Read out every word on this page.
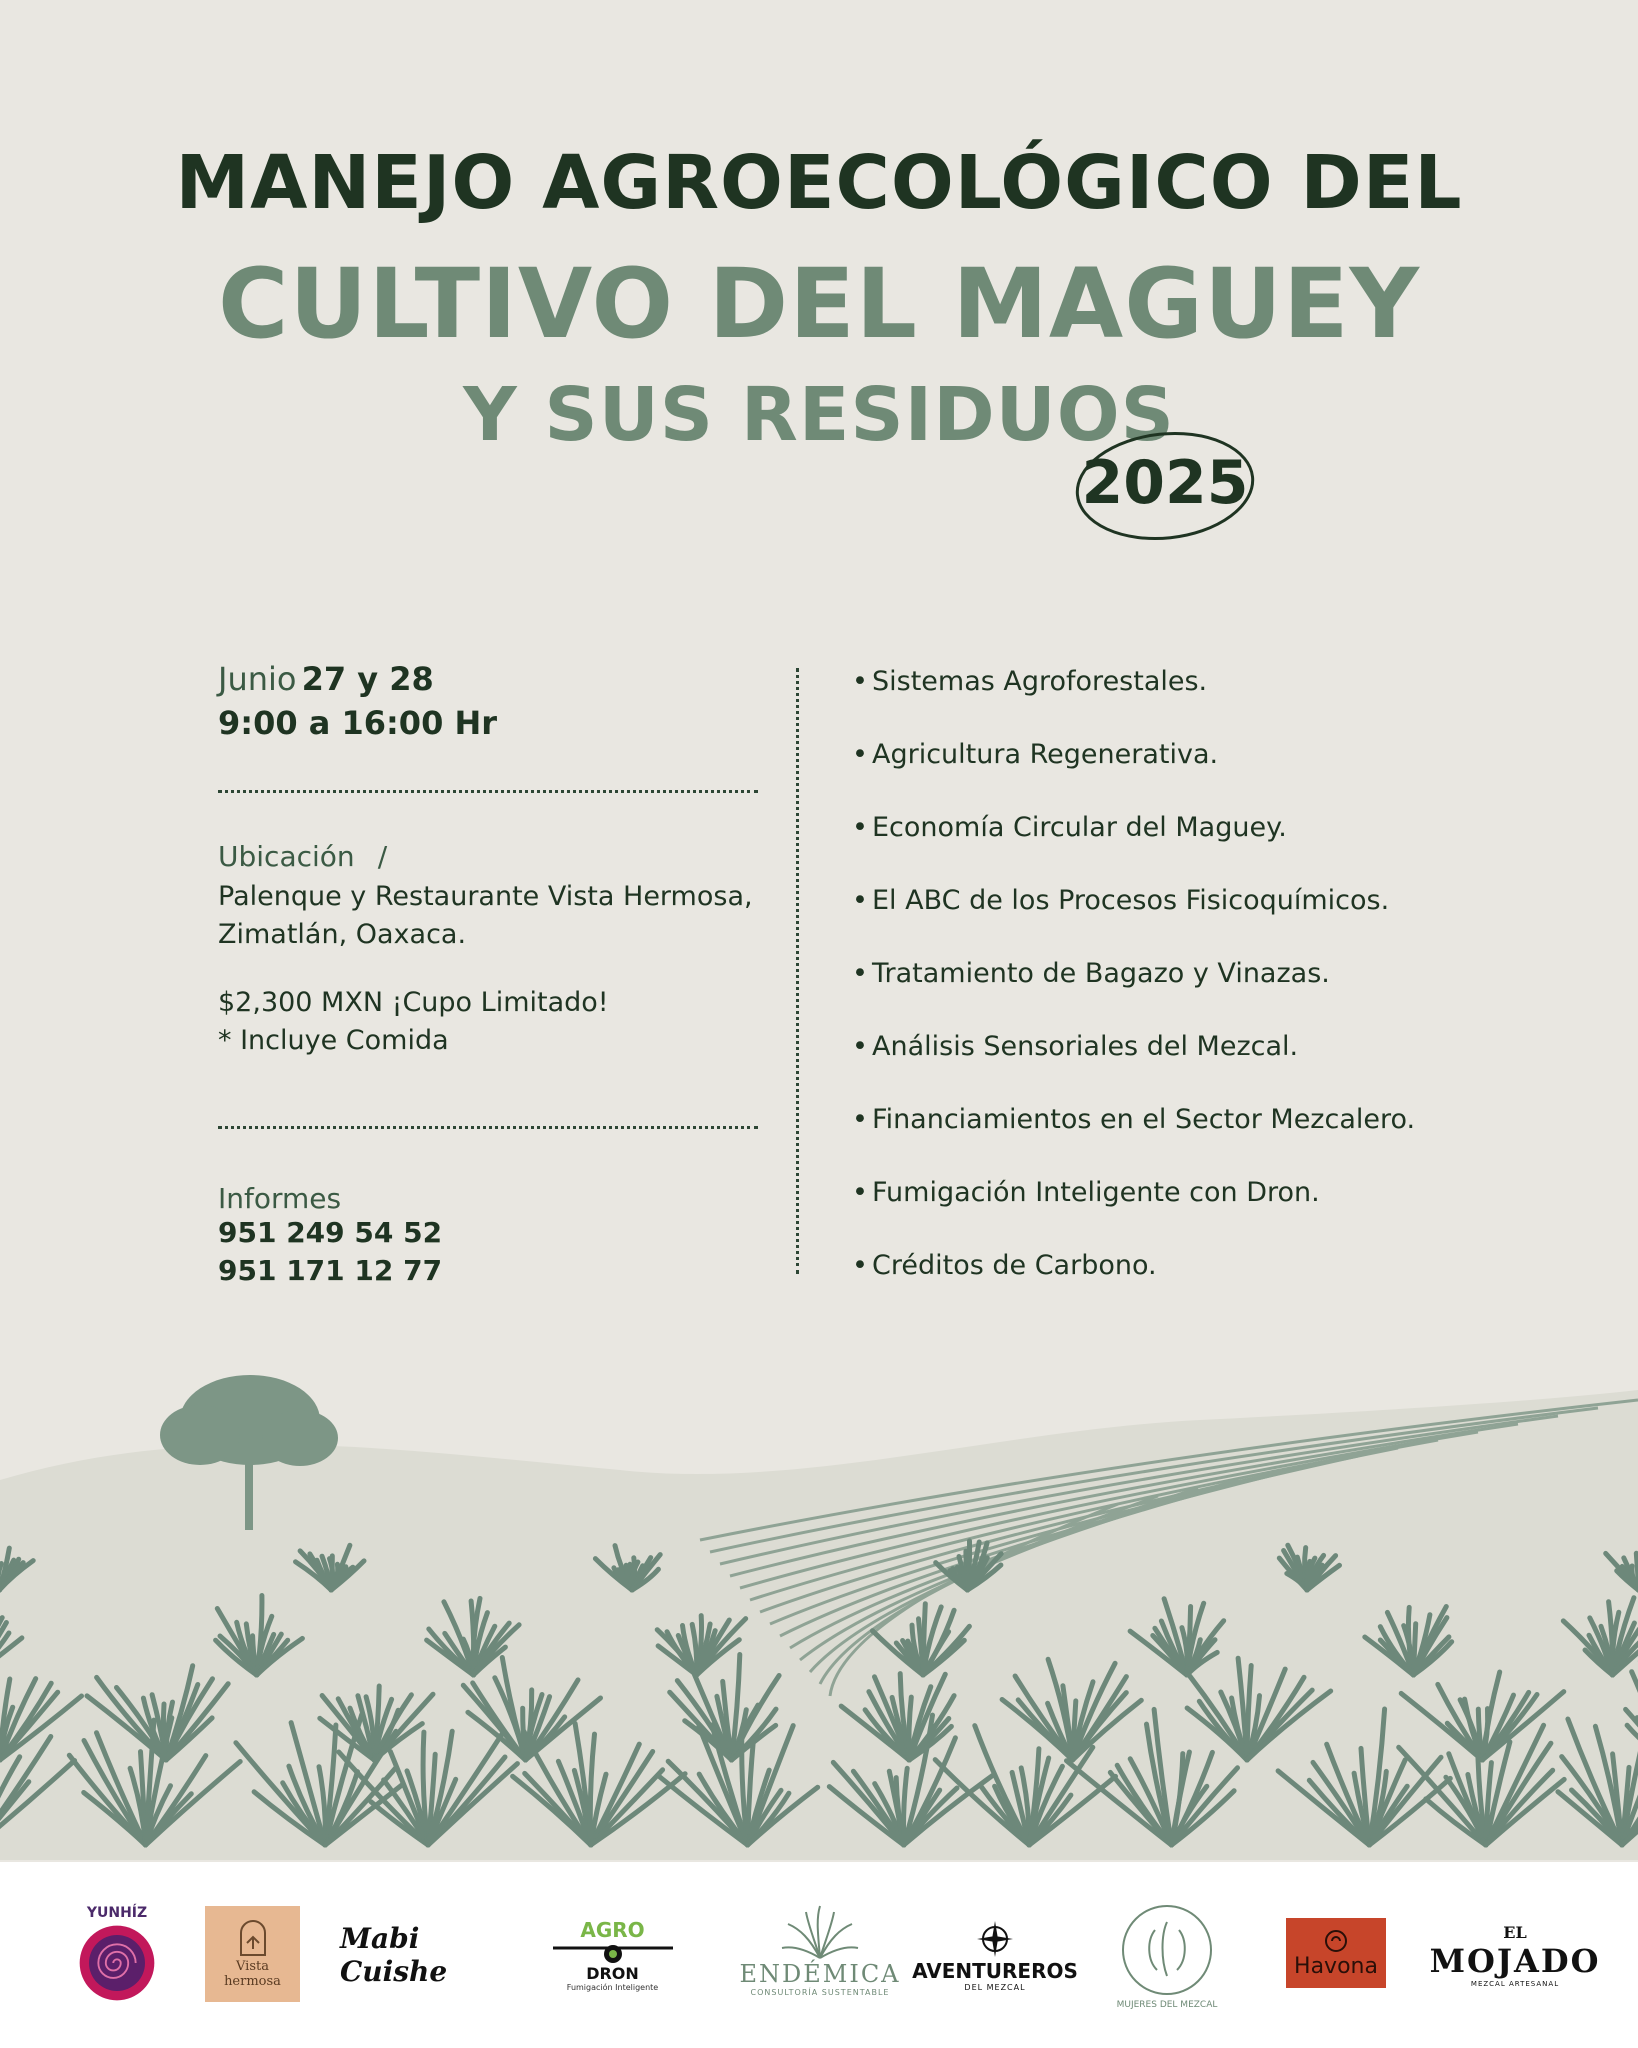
MANEJO AGROECOLÓGICO DEL
CULTIVO DEL MAGUEY
Y SUS RESIDUOS
2025
Junio 27 y 28
9:00 a 16:00 Hr
Ubicación /
Palenque y Restaurante Vista Hermosa,
Zimatlán, Oaxaca.
$2,300 MXN ¡Cupo Limitado!
* Incluye Comida
Informes
951 249 54 52
951 171 12 77
• Sistemas Agroforestales.
• Agricultura Regenerativa.
• Economía Circular del Maguey.
• El ABC de los Procesos Fisicoquímicos.
• Tratamiento de Bagazo y Vinazas.
• Análisis Sensoriales del Mezcal.
• Financiamientos en el Sector Mezcalero.
• Fumigación Inteligente con Dron.
• Créditos de Carbono.
YUNHÍZ
Vista hermosa
Mabi Cuishe
AGRO
DRON
Fumigación Inteligente	ENDÉMICA
CONSULTORÍA SUSTENTABLE
AVENTUREROS
DEL MEZCAL
MUJERES DEL MEZCAL
Havona
EL
MOJADO
MEZCAL ARTESANAL
